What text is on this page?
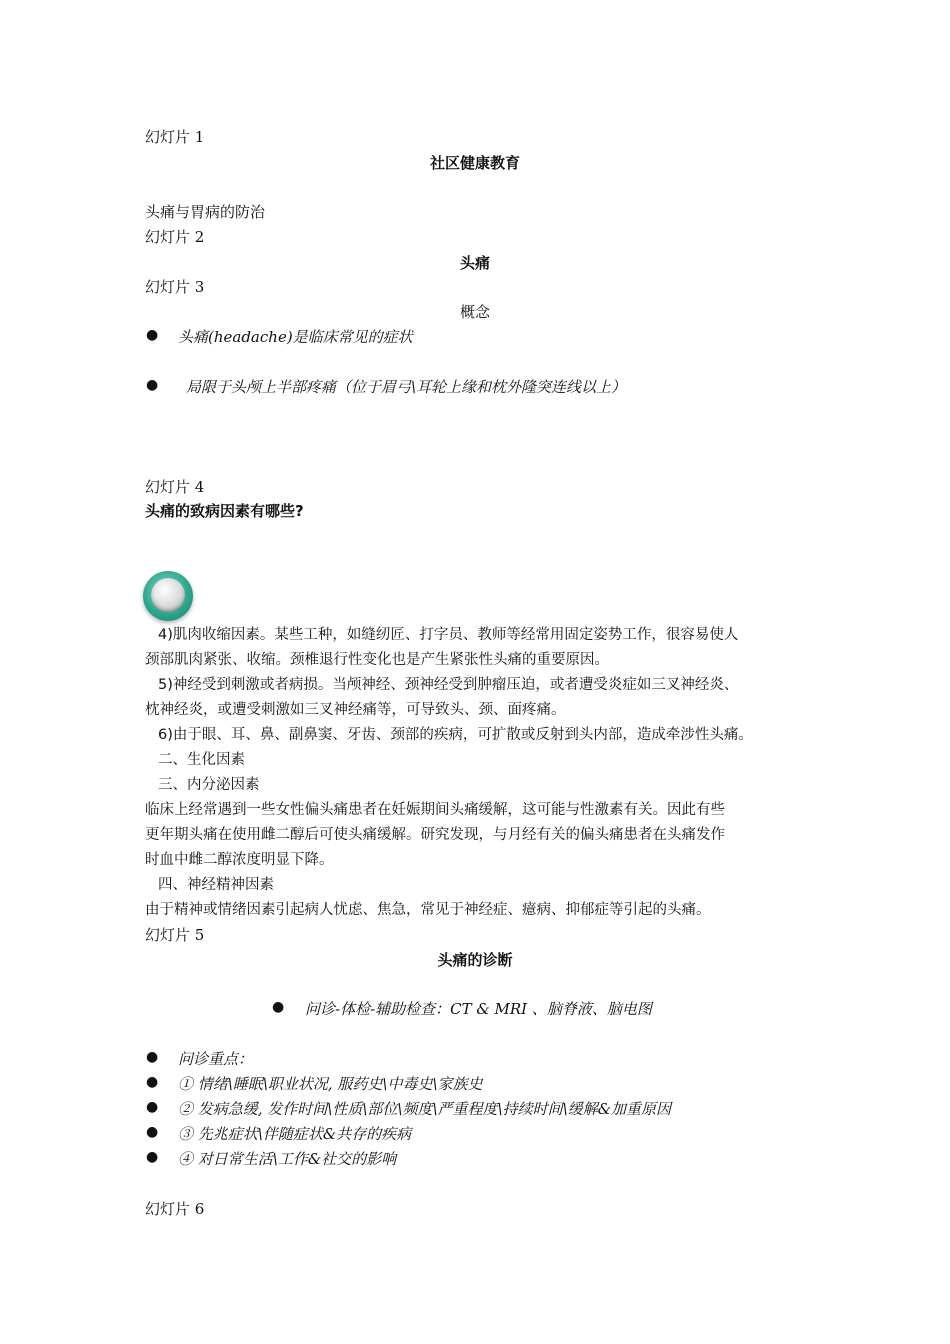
幻灯片 1
社区健康教育
头痛与胃病的防治
幻灯片 2
头痛
幻灯片 3
概念
● 头痛(headache)是临床常见的症状
● 局限于头颅上半部疼痛（位于眉弓\耳轮上缘和枕外隆突连线以上）
幻灯片 4
头痛的致病因素有哪些?
4)肌肉收缩因素。某些工种，如缝纫匠、打字员、教师等经常用固定姿势工作，很容易使人
颈部肌肉紧张、收缩。颈椎退行性变化也是产生紧张性头痛的重要原因。
5)神经受到刺激或者病损。当颅神经、颈神经受到肿瘤压迫，或者遭受炎症如三叉神经炎、
枕神经炎，或遭受刺激如三叉神经痛等，可导致头、颈、面疼痛。
6)由于眼、耳、鼻、副鼻窦、牙齿、颈部的疾病，可扩散或反射到头内部，造成牵涉性头痛。
二、生化因素
三、内分泌因素
临床上经常遇到一些女性偏头痛患者在妊娠期间头痛缓解，这可能与性激素有关。因此有些
更年期头痛在使用雌二醇后可使头痛缓解。研究发现，与月经有关的偏头痛患者在头痛发作
时血中雌二醇浓度明显下降。
四、神经精神因素
由于精神或情绪因素引起病人忧虑、焦急，常见于神经症、癔病、抑郁症等引起的头痛。
幻灯片 5
头痛的诊断
● 问诊-体检-辅助检查：CT & MRI 、脑脊液、脑电图
● 问诊重点：
● ① 情绪\睡眠\职业状况, 服药史\中毒史\家族史
● ② 发病急缓, 发作时间\性质\部位\频度\严重程度\持续时间\缓解&加重原因
● ③ 先兆症状\伴随症状&共存的疾病
● ④ 对日常生活\工作&社交的影响
幻灯片 6
